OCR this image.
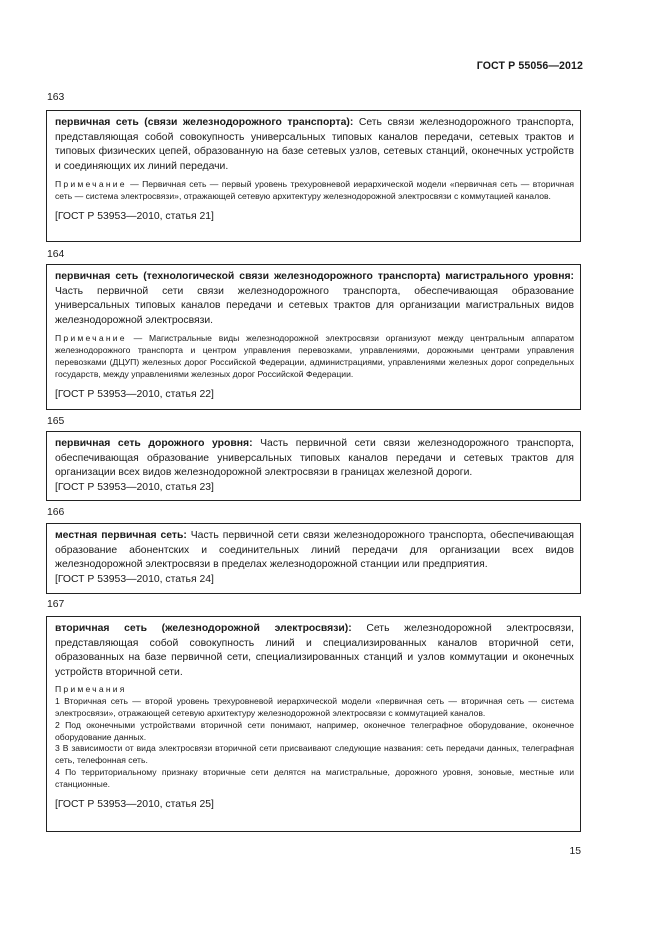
ГОСТ Р 55056—2012
163

первичная сеть (связи железнодорожного транспорта): Сеть связи железнодорожного транспорта, представляющая собой совокупность универсальных типовых каналов передачи, сетевых трактов и типовых физических цепей, образованную на базе сетевых узлов, сетевых станций, оконечных устройств и соединяющих их линий передачи.

Примечание — Первичная сеть — первый уровень трехуровневой иерархической модели «первичная сеть — вторичная сеть — система электросвязи», отражающей сетевую архитектуру железнодорожной электросвязи с коммутацией каналов.

[ГОСТ Р 53953—2010, статья 21]

164

первичная сеть (технологической связи железнодорожного транспорта) магистрального уровня: Часть первичной сети связи железнодорожного транспорта, обеспечивающая образование универсальных типовых каналов передачи и сетевых трактов для организации магистральных видов железнодорожной электросвязи.

Примечание — Магистральные виды железнодорожной электросвязи организуют между центральным аппаратом железнодорожного транспорта и центром управления перевозками, управлениями, дорожными центрами управления перевозками (ДЦУП) железных дорог Российской Федерации, администрациями, управлениями железных дорог сопредельных государств, между управлениями железных дорог Российской Федерации.

[ГОСТ Р 53953—2010, статья 22]

165

первичная сеть дорожного уровня: Часть первичной сети связи железнодорожного транспорта, обеспечивающая образование универсальных типовых каналов передачи и сетевых трактов для организации всех видов железнодорожной электросвязи в границах железной дороги.

[ГОСТ Р 53953—2010, статья 23]

166

местная первичная сеть: Часть первичной сети связи железнодорожного транспорта, обеспечивающая образование абонентских и соединительных линий передачи для организации всех видов железнодорожной электросвязи в пределах железнодорожной станции или предприятия.

[ГОСТ Р 53953—2010, статья 24]

167

вторичная сеть (железнодорожной электросвязи): Сеть железнодорожной электросвязи, представляющая собой совокупность линий и специализированных каналов вторичной сети, образованных на базе первичной сети, специализированных станций и узлов коммутации и оконечных устройств вторичной сети.

Примечания

1 Вторичная сеть — второй уровень трехуровневой иерархической модели «первичная сеть — вторичная сеть — система электросвязи», отражающей сетевую архитектуру железнодорожной электросвязи с коммутацией каналов.

2 Под оконечными устройствами вторичной сети понимают, например, оконечное телеграфное оборудование, оконечное оборудование данных.

3 В зависимости от вида электросвязи вторичной сети присваивают следующие названия: сеть передачи данных, телеграфная сеть, телефонная сеть.

4 По территориальному признаку вторичные сети делятся на магистральные, дорожного уровня, зоновые, местные или станционные.

[ГОСТ Р 53953—2010, статья 25]

15
